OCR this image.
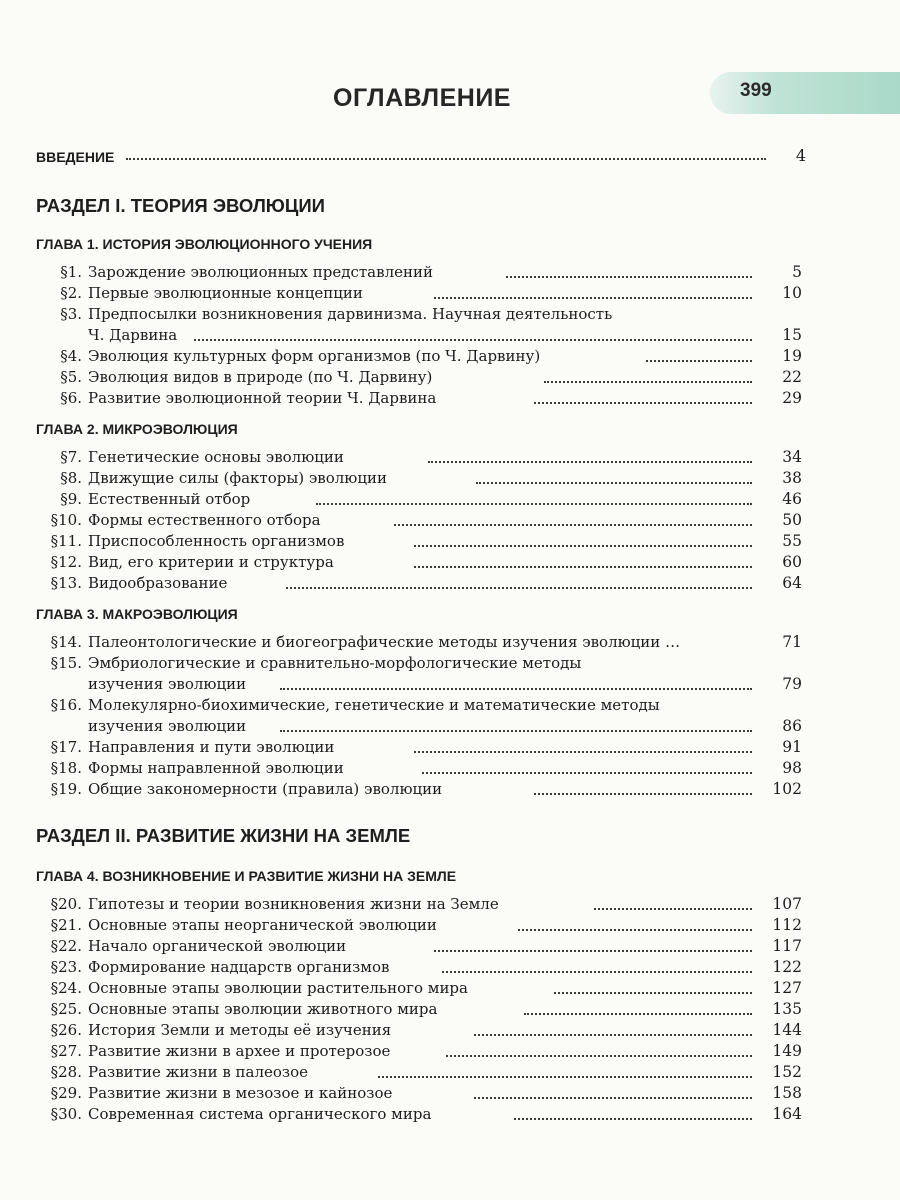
399
ОГЛАВЛЕНИЕ
ВВЕДЕНИЕ	4
РАЗДЕЛ I. ТЕОРИЯ ЭВОЛЮЦИИ
РАЗДЕЛ II. РАЗВИТИЕ ЖИЗНИ НА ЗЕМЛЕ
ГЛАВА 1. ИСТОРИЯ ЭВОЛЮЦИОННОГО УЧЕНИЯ
ГЛАВА 2. МИКРОЭВОЛЮЦИЯ
ГЛАВА 3. МАКРОЭВОЛЮЦИЯ
ГЛАВА 4. ВОЗНИКНОВЕНИЕ И РАЗВИТИЕ ЖИЗНИ НА ЗЕМЛЕ
§1. Зарождение эволюционных представлений	5
§2. Первые эволюционные концепции	10
§3. Предпосылки возникновения дарвинизма. Научная деятельность
Ч. Дарвина	15
§4. Эволюция культурных форм организмов (по Ч. Дарвину)	19
§5. Эволюция видов в природе (по Ч. Дарвину)	22
§6. Развитие эволюционной теории Ч. Дарвина	29
§7. Генетические основы эволюции	34
§8. Движущие силы (факторы) эволюции	38
§9. Естественный отбор	46
§10. Формы естественного отбора	50
§11. Приспособленность организмов	55
§12. Вид, его критерии и структура	60
§13. Видообразование	64
§14. Палеонтологические и биогеографические методы изучения эволюции …	71
§15. Эмбриологические и сравнительно-морфологические методы
изучения эволюции	79
§16. Молекулярно-биохимические, генетические и математические методы
изучения эволюции	86
§17. Направления и пути эволюции	91
§18. Формы направленной эволюции	98
§19. Общие закономерности (правила) эволюции	102
§20. Гипотезы и теории возникновения жизни на Земле	107
§21. Основные этапы неорганической эволюции	112
§22. Начало органической эволюции	117
§23. Формирование надцарств организмов	122
§24. Основные этапы эволюции растительного мира	127
§25. Основные этапы эволюции животного мира	135
§26. История Земли и методы её изучения	144
§27. Развитие жизни в архее и протерозое	149
§28. Развитие жизни в палеозое	152
§29. Развитие жизни в мезозое и кайнозое	158
§30. Современная система органического мира	164
